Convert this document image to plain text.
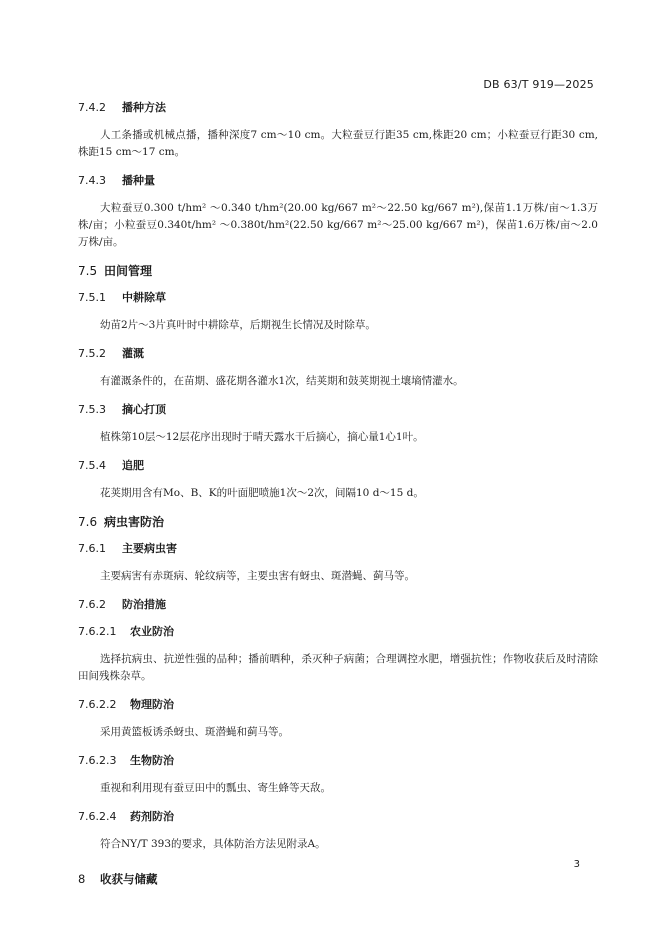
DB 63/T 919—2025
7.4.2 播种方法

人工条播或机械点播，播种深度7 cm～10 cm。大粒蚕豆行距35 cm,株距20 cm；小粒蚕豆行距30 cm,株距15 cm～17 cm。

7.4.3 播种量

大粒蚕豆0.300 t/hm² ～0.340 t/hm²(20.00 kg/667 m²～22.50 kg/667 m²),保苗1.1万株/亩～1.3万株/亩；小粒蚕豆0.340t/hm² ～0.380t/hm²(22.50 kg/667 m²～25.00 kg/667 m²)，保苗1.6万株/亩～2.0万株/亩。

7.5 田间管理
7.5.1 中耕除草

幼苗2片～3片真叶时中耕除草，后期视生长情况及时除草。

7.5.2 灌溉

有灌溉条件的，在苗期、盛花期各灌水1次，结荚期和鼓荚期视土壤墒情灌水。

7.5.3 摘心打顶

植株第10层～12层花序出现时于晴天露水干后摘心，摘心量1心1叶。

7.5.4 追肥

花荚期用含有Mo、B、K的叶面肥喷施1次～2次，间隔10 d～15 d。

7.6 病虫害防治
7.6.1 主要病虫害

主要病害有赤斑病、轮纹病等，主要虫害有蚜虫、斑潜蝇、蓟马等。

7.6.2 防治措施
7.6.2.1 农业防治

选择抗病虫、抗逆性强的品种；播前晒种，杀灭种子病菌；合理调控水肥，增强抗性；作物收获后及时清除田间残株杂草。

7.6.2.2 物理防治

采用黄篮板诱杀蚜虫、斑潜蝇和蓟马等。

7.6.2.3 生物防治

重视和利用现有蚕豆田中的瓢虫、寄生蜂等天敌。

7.6.2.4 药剂防治

符合NY/T 393的要求，具体防治方法见附录A。

8 收获与储藏
3
